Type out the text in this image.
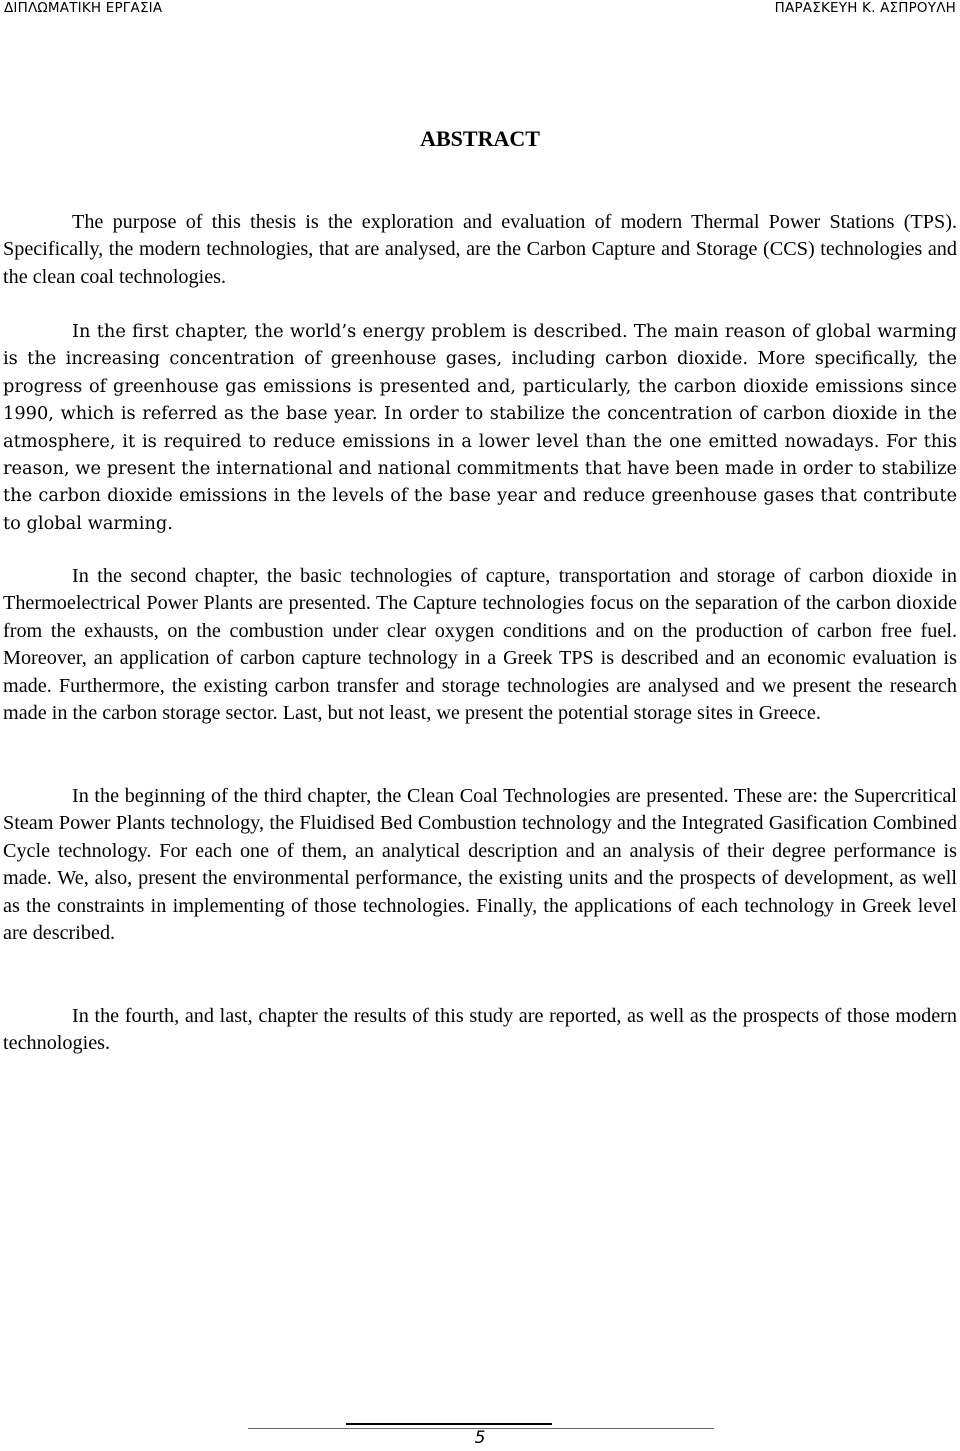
ΔΙΠΛΩΜΑΤΙΚΗ ΕΡΓΑΣΙΑ	ΠΑΡΑΣΚΕΥΗ Κ. ΑΣΠΡΟΥΛΗ
ABSTRACT

The purpose of this thesis is the exploration and evaluation of modern Thermal Power Stations (TPS). Specifically, the modern technologies, that are analysed, are the Carbon Capture and Storage (CCS) technologies and the clean coal technologies.

In the first chapter, the world’s energy problem is described. The main reason of global warming is the increasing concentration of greenhouse gases, including carbon dioxide. More specifically, the progress of greenhouse gas emissions is presented and, particularly, the carbon dioxide emissions since 1990, which is referred as the base year. In order to stabilize the concentration of carbon dioxide in the atmosphere, it is required to reduce emissions in a lower level than the one emitted nowadays. For this reason, we present the international and national commitments that have been made in order to stabilize the carbon dioxide emissions in the levels of the base year and reduce greenhouse gases that contribute to global warming.

In the second chapter, the basic technologies of capture, transportation and storage of carbon dioxide in Thermoelectrical Power Plants are presented. The Capture technologies focus on the separation of the carbon dioxide from the exhausts, on the combustion under clear oxygen conditions and on the production of carbon free fuel. Moreover, an application of carbon capture technology in a Greek TPS is described and an economic evaluation is made. Furthermore, the existing carbon transfer and storage technologies are analysed and we present the research made in the carbon storage sector. Last, but not least, we present the potential storage sites in Greece.

In the beginning of the third chapter, the Clean Coal Technologies are presented. These are: the Supercritical Steam Power Plants technology, the Fluidised Bed Combustion technology and the Integrated Gasification Combined Cycle technology. For each one of them, an analytical description and an analysis of their degree performance is made. We, also, present the environmental performance, the existing units and the prospects of development, as well as the constraints in implementing of those technologies. Finally, the applications of each technology in Greek level are described.

In the fourth, and last, chapter the results of this study are reported, as well as the prospects of those modern technologies.

5
